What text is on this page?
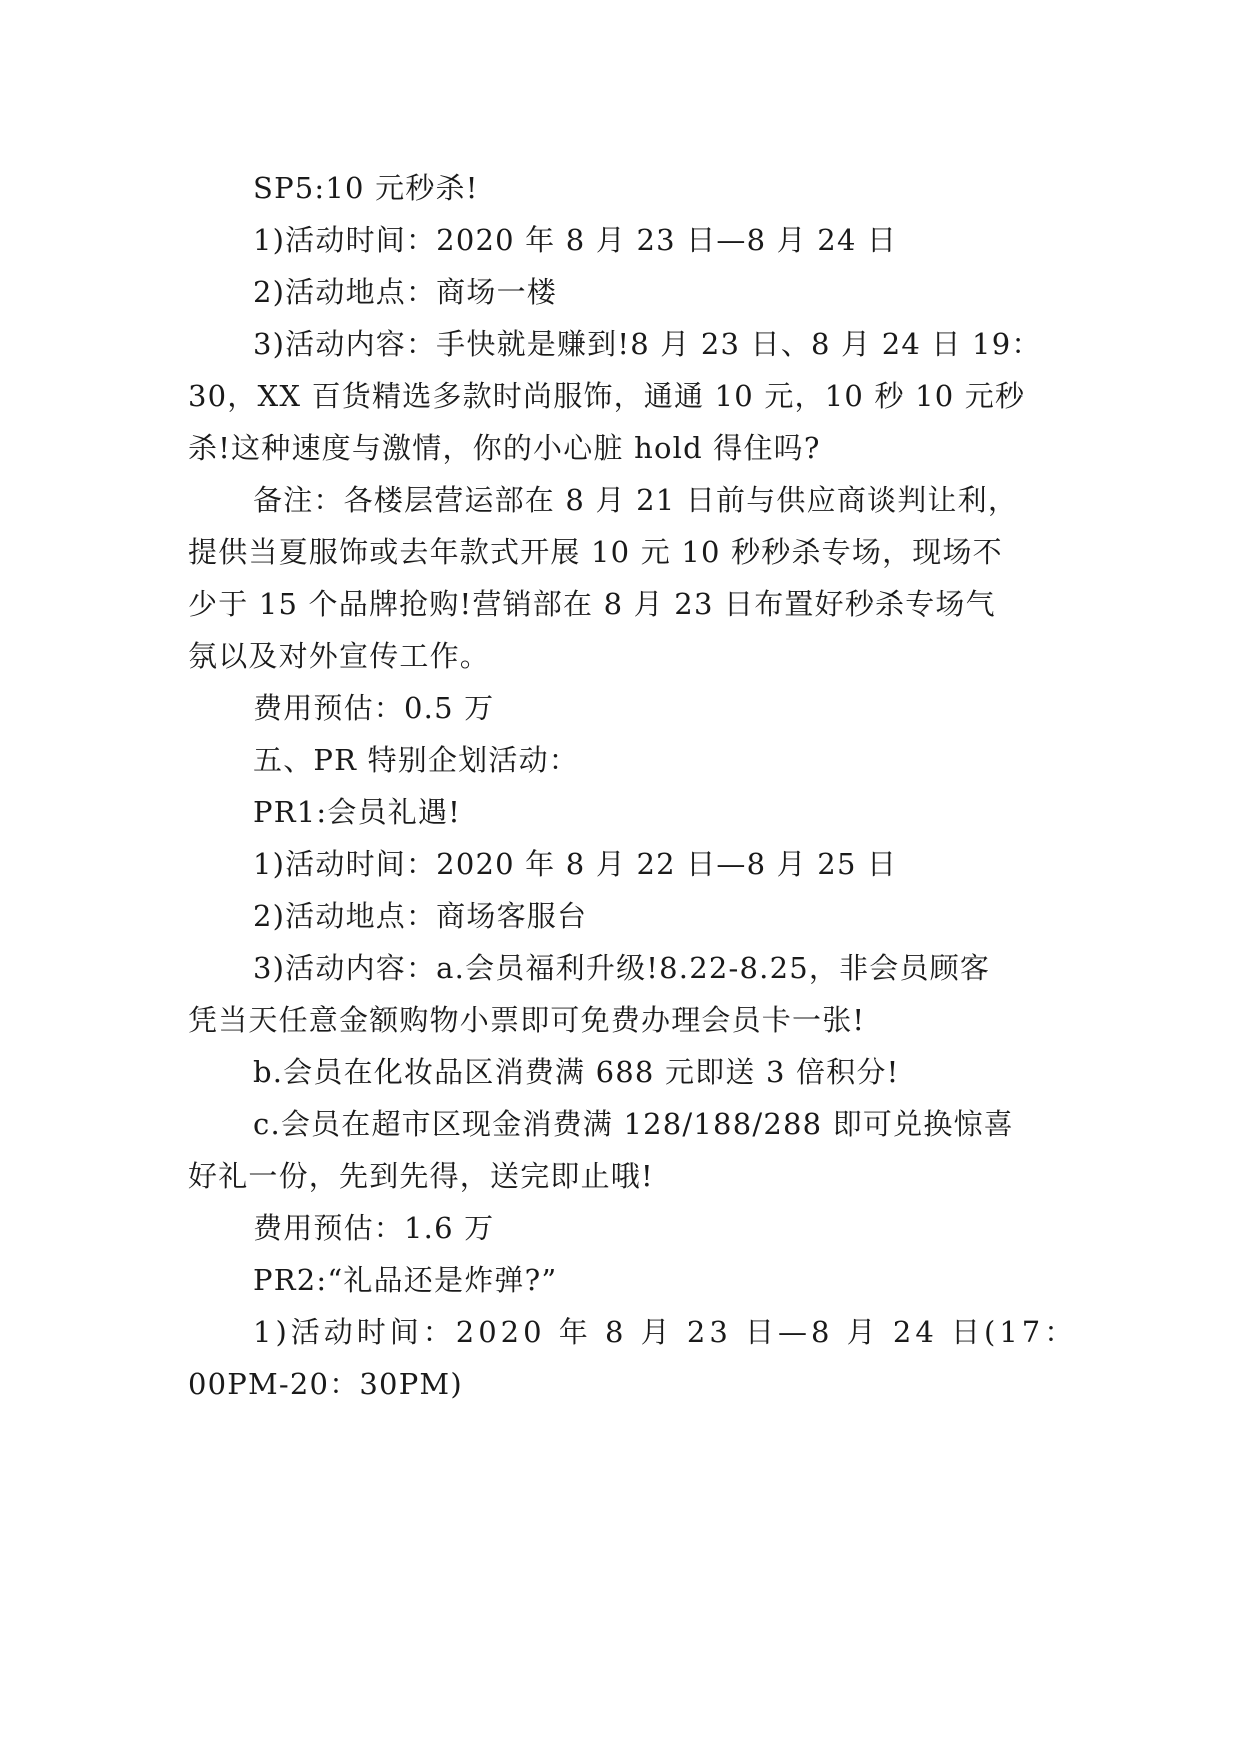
SP5:10 元秒杀!
1)活动时间：2020 年 8 月 23 日—8 月 24 日
2)活动地点：商场一楼
3)活动内容：手快就是赚到!8 月 23 日、8 月 24 日 19：
30，XX 百货精选多款时尚服饰，通通 10 元，10 秒 10 元秒
杀!这种速度与激情，你的小心脏 hold 得住吗?
备注：各楼层营运部在 8 月 21 日前与供应商谈判让利，
提供当夏服饰或去年款式开展 10 元 10 秒秒杀专场，现场不
少于 15 个品牌抢购!营销部在 8 月 23 日布置好秒杀专场气
氛以及对外宣传工作。
费用预估：0.5 万
五、PR 特别企划活动：
PR1:会员礼遇!
1)活动时间：2020 年 8 月 22 日—8 月 25 日
2)活动地点：商场客服台
3)活动内容：a.会员福利升级!8.22-8.25，非会员顾客
凭当天任意金额购物小票即可免费办理会员卡一张!
b.会员在化妆品区消费满 688 元即送 3 倍积分!
c.会员在超市区现金消费满 128/188/288 即可兑换惊喜
好礼一份，先到先得，送完即止哦!
费用预估：1.6 万
PR2:“礼品还是炸弹?”
1)活动时间：2020 年 8 月 23 日—8 月 24 日(17：
00PM-20：30PM)
